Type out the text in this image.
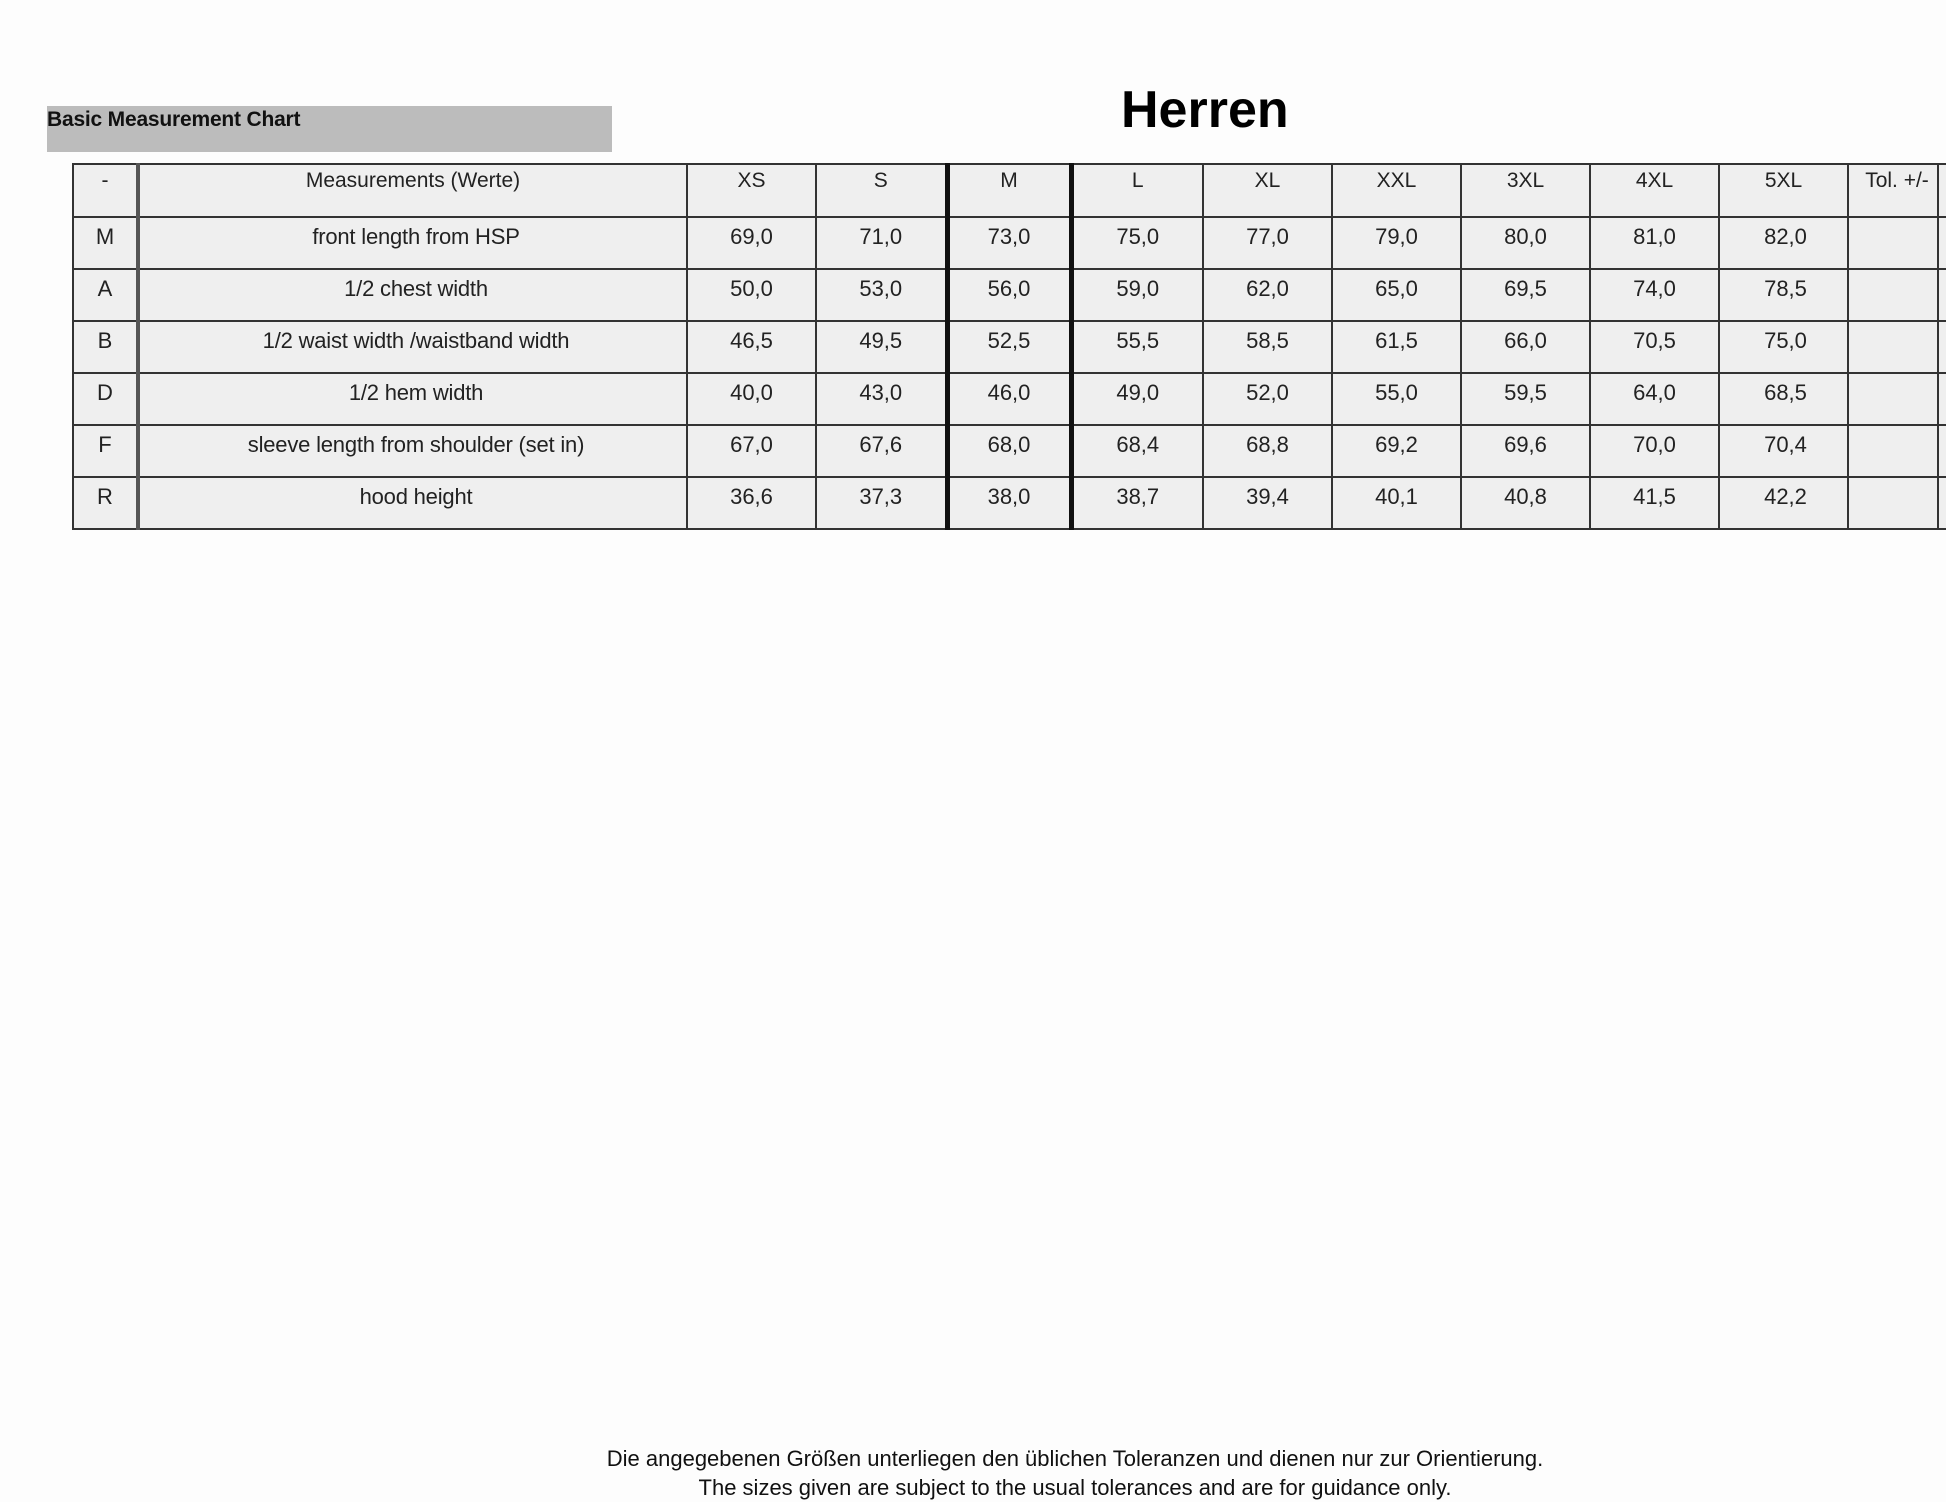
Basic Measurement Chart	Herren
-	Measurements (Werte)	XS	S	M	L	XL	XXL	3XL	4XL	5XL	Tol. +/-	
M	front length from HSP	69,0	71,0	73,0	75,0	77,0	79,0	80,0	81,0	82,0		
A	1/2 chest width	50,0	53,0	56,0	59,0	62,0	65,0	69,5	74,0	78,5		
B	1/2 waist width /waistband width	46,5	49,5	52,5	55,5	58,5	61,5	66,0	70,5	75,0		
D	1/2 hem width	40,0	43,0	46,0	49,0	52,0	55,0	59,5	64,0	68,5		
F	sleeve length from shoulder (set in)	67,0	67,6	68,0	68,4	68,8	69,2	69,6	70,0	70,4		
R	hood height	36,6	37,3	38,0	38,7	39,4	40,1	40,8	41,5	42,2		

Die angegebenen Größen unterliegen den üblichen Toleranzen und dienen nur zur Orientierung.

The sizes given are subject to the usual tolerances and are for guidance only.
